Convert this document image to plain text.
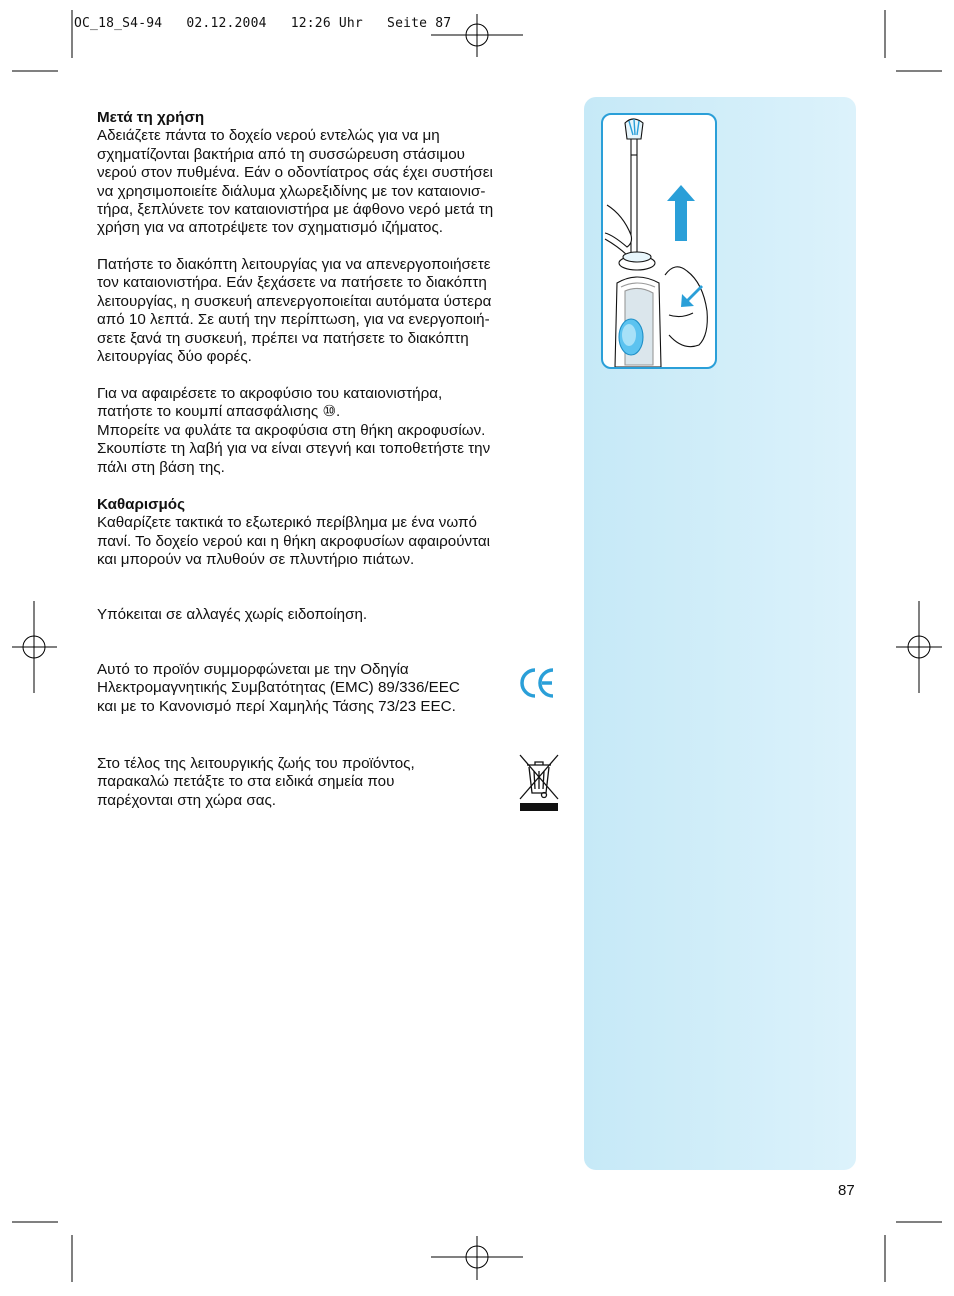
OC_18_S4-94   02.12.2004   12:26 Uhr   Seite 87

Μετά τη χρήση

Αδειάζετε πάντα το δοχείο νερού εντελώς για να μη
σχηματίζονται βακτήρια από τη συσσώρευση στάσιμου
νερού στον πυθμένα. Εάν ο οδοντίατρος σάς έχει συστήσει
να χρησιμοποιείτε διάλυμα χλωρεξιδίνης με τον καταιονισ-
τήρα, ξεπλύνετε τον καταιονιστήρα με άφθονο νερό μετά τη
χρήση για να αποτρέψετε τον σχηματισμό ιζήματος.

Πατήστε το διακόπτη λειτουργίας για να απενεργοποιήσετε
τον καταιονιστήρα. Εάν ξεχάσετε να πατήσετε το διακόπτη
λειτουργίας, η συσκευή απενεργοποιείται αυτόματα ύστερα
από 10 λεπτά. Σε αυτή την περίπτωση, για να ενεργοποιή-
σετε ξανά τη συσκευή, πρέπει να πατήσετε το διακόπτη
λειτουργίας δύο φορές.

Για να αφαιρέσετε το ακροφύσιο του καταιονιστήρα,
πατήστε το κουμπί απασφάλισης ⑩.
Μπορείτε να φυλάτε τα ακροφύσια στη θήκη ακροφυσίων.
Σκουπίστε τη λαβή για να είναι στεγνή και τοποθετήστε την
πάλι στη βάση της.

Καθαρισμός

Καθαρίζετε τακτικά το εξωτερικό περίβλημα με ένα νωπό
πανί. Το δοχείο νερού και η θήκη ακροφυσίων αφαιρούνται
και μπορούν να πλυθούν σε πλυντήριο πιάτων.

Υπόκειται σε αλλαγές χωρίς ειδοποίηση.

Αυτό το προϊόν συμμορφώνεται με την Οδηγία
Ηλεκτρομαγνητικής Συμβατότητας (EMC) 89/336/EEC
και με το Κανονισμό περί Χαμηλής Τάσης 73/23 EEC.

Στο τέλος της λειτουργικής ζωής του προϊόντος,
παρακαλώ πετάξτε το στα ειδικά σημεία που
παρέχονται στη χώρα σας.

87
